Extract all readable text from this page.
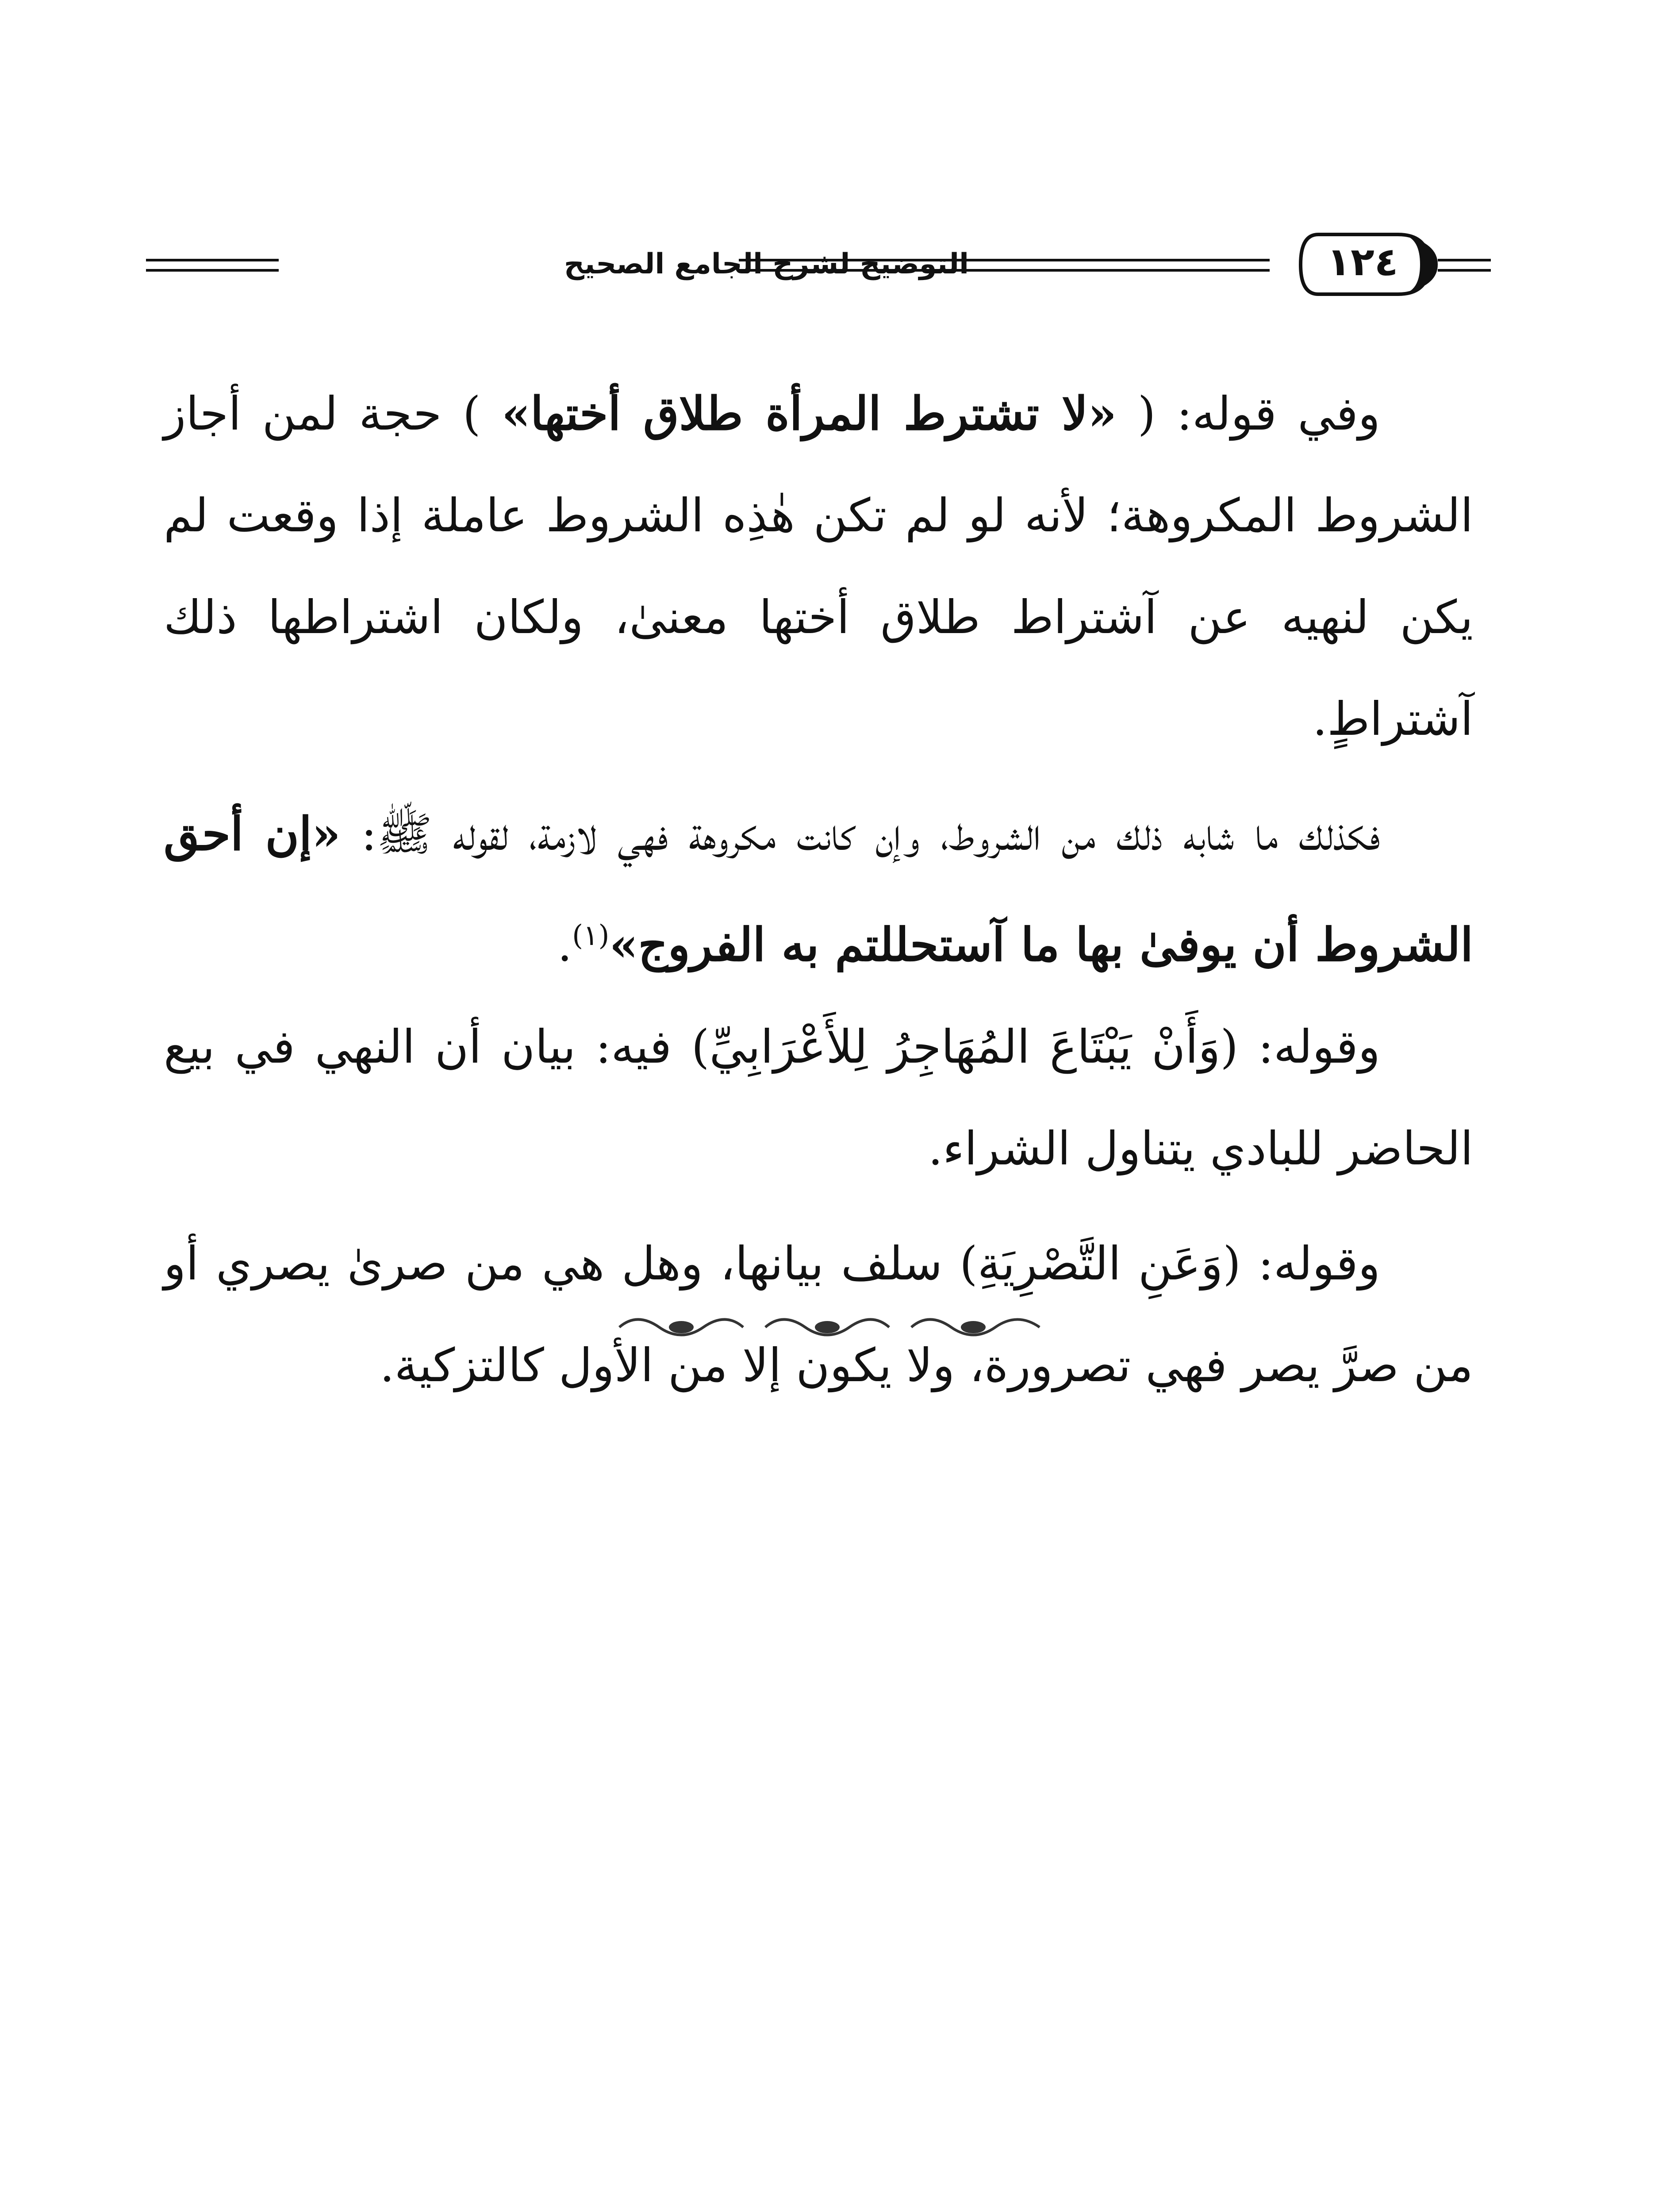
التوضيح لشرح الجامع الصحيح	١٢٤

وفي قوله: ( «لا تشترط المرأة طلاق أختها» ) حجة لمن أجاز الشروط المكروهة؛ لأنه لو لم تكن هٰذِه الشروط عاملة إذا وقعت لم يكن لنهيه عن آشتراط طلاق أختها معنىٰ، ولكان اشتراطها ذلك آشتراطٍ.

فكذلك ما شابه ذلك من الشروط، وإن كانت مكروهة فهي لازمة، لقوله ﷺ: «إن أحق الشروط أن يوفىٰ بها ما آستحللتم به الفروج»$^{(١)}$.

وقوله: (وَأَنْ يَبْتَاعَ المُهَاجِرُ لِلأَعْرَابِيِّ) فيه: بيان أن النهي في بيع الحاضر للبادي يتناول الشراء.

وقوله: (وَعَنِ التَّصْرِيَةِ) سلف بيانها، وهل هي من صرىٰ يصري أو من صرَّ يصر فهي تصرورة، ولا يكون إلا من الأول كالتزكية.
